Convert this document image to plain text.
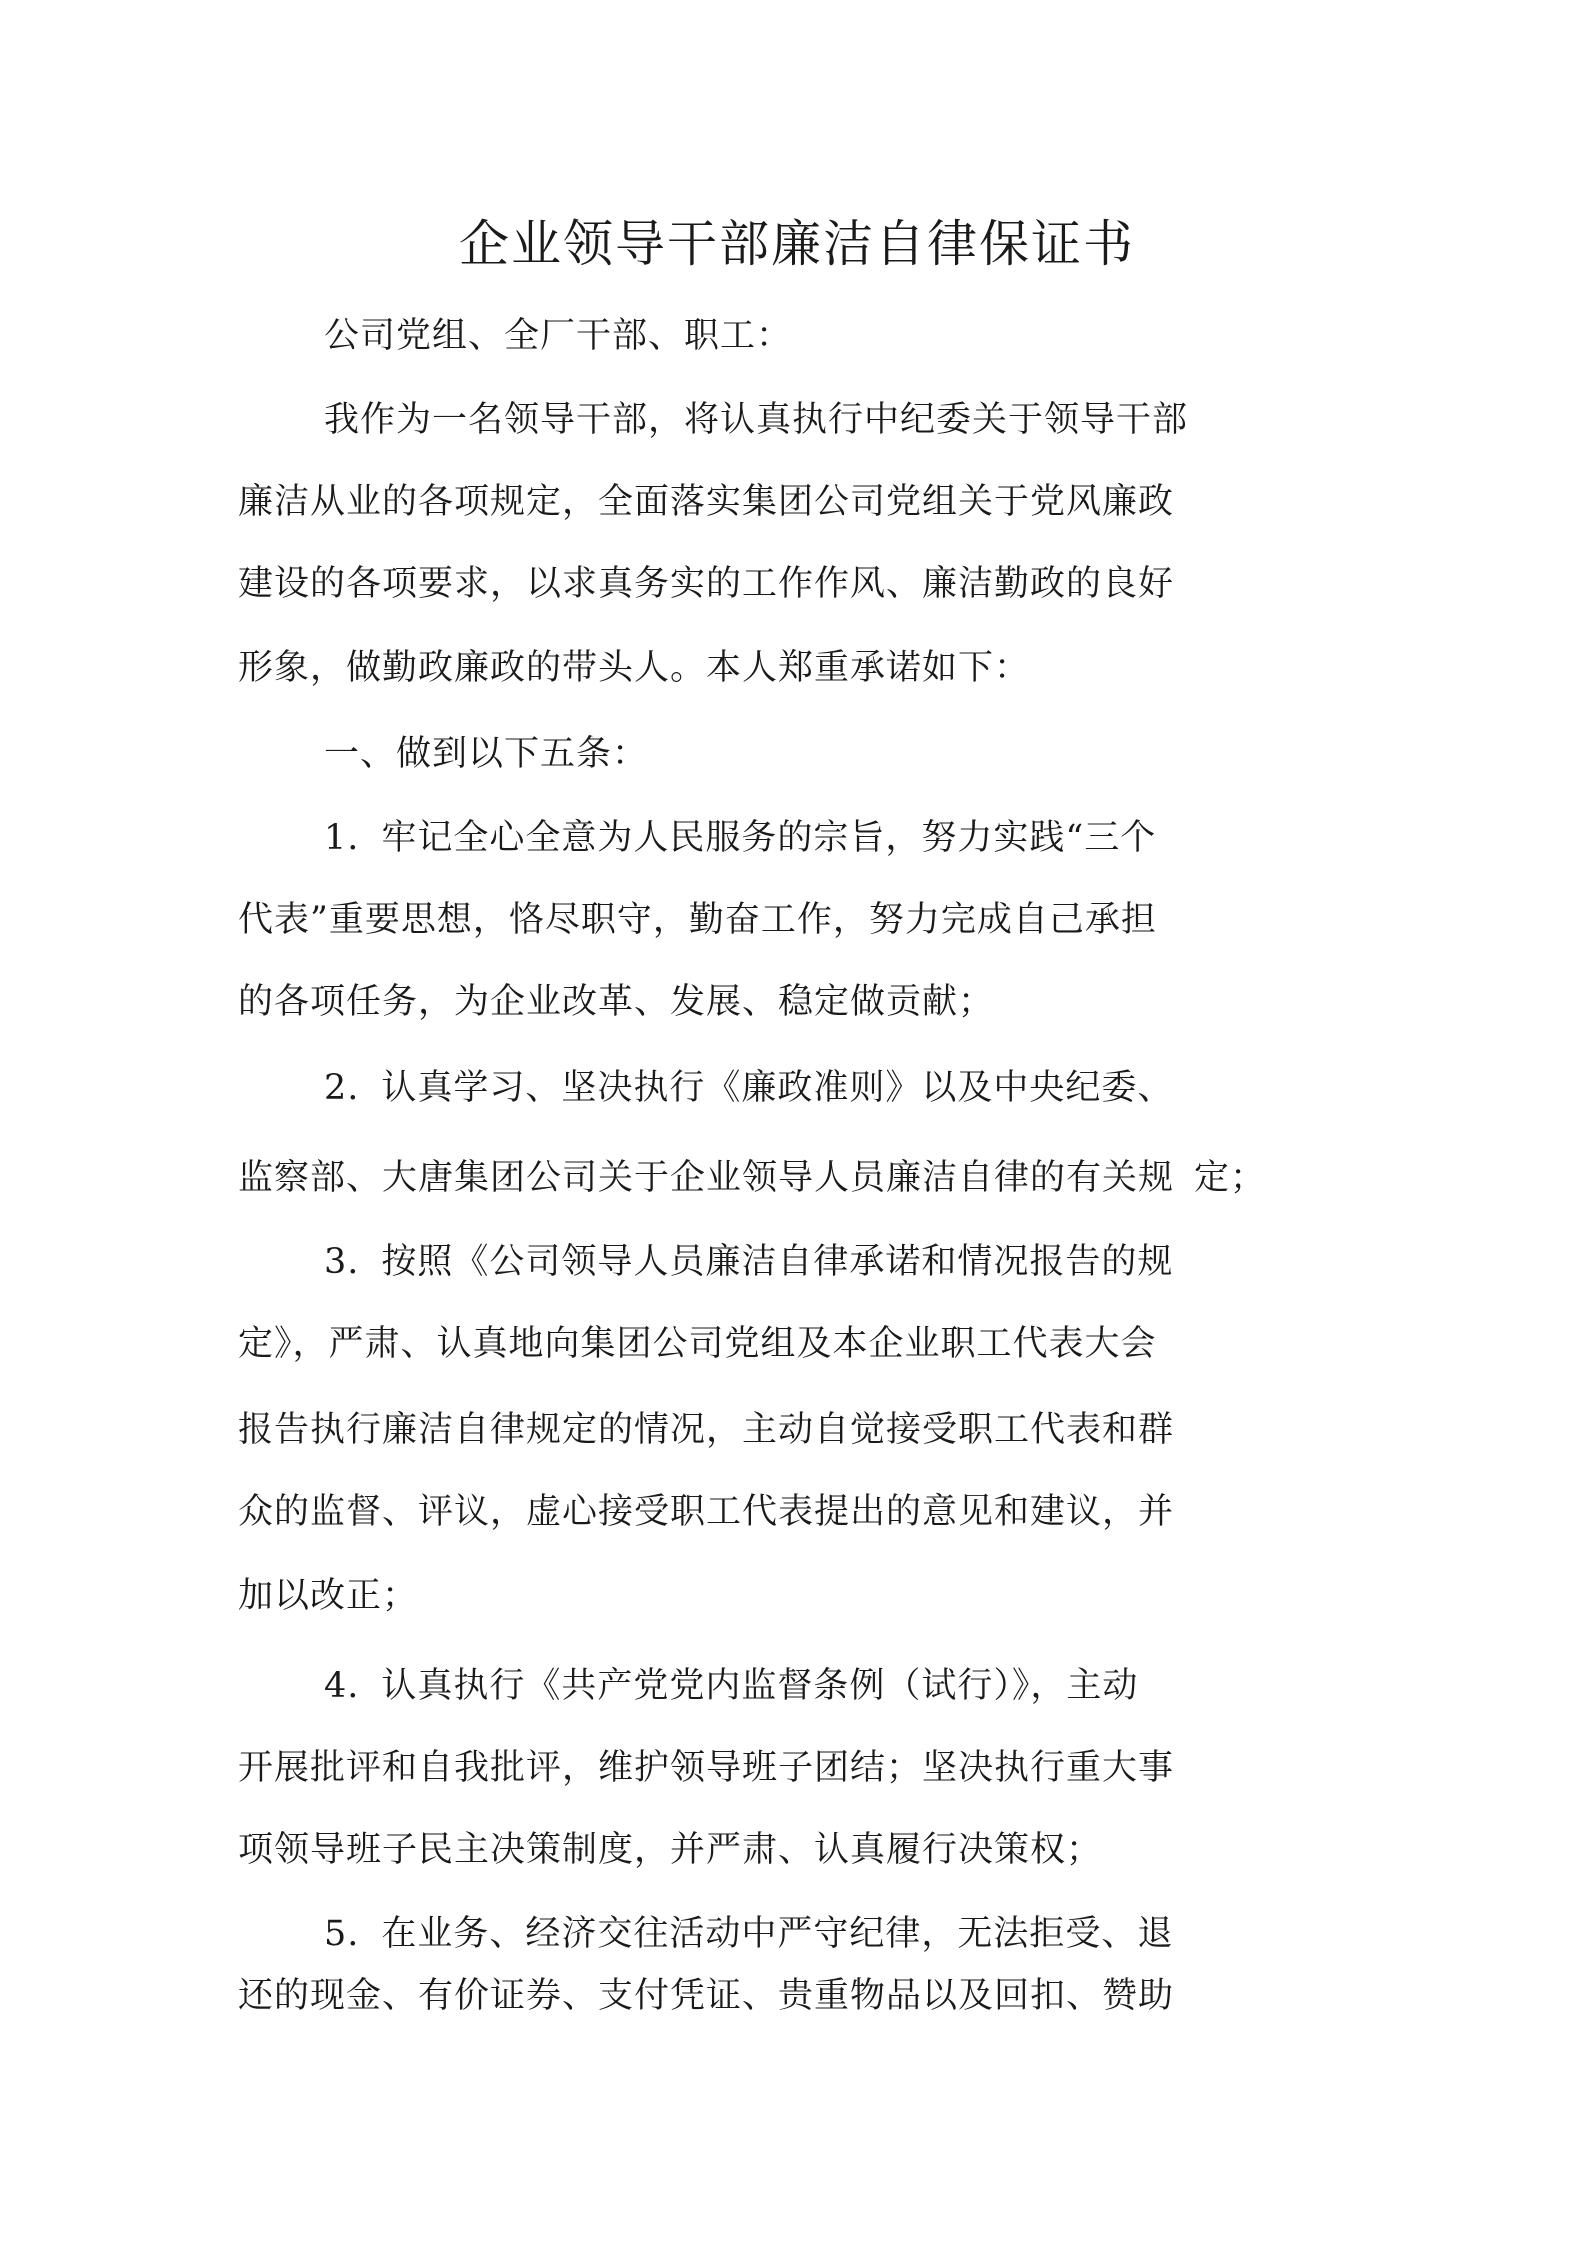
企业领导干部廉洁自律保证书
公司党组、全厂干部、职工：
我作为一名领导干部，将认真执行中纪委关于领导干部
廉洁从业的各项规定，全面落实集团公司党组关于党风廉政
建设的各项要求，以求真务实的工作作风、廉洁勤政的良好
形象，做勤政廉政的带头人。本人郑重承诺如下：
一、做到以下五条：
1. 牢记全心全意为人民服务的宗旨，努力实践“三个
代表”重要思想，恪尽职守，勤奋工作，努力完成自己承担
的各项任务，为企业改革、发展、稳定做贡献；
2. 认真学习、坚决执行《廉政准则》以及中央纪委、
监察部、大唐集团公司关于企业领导人员廉洁自律的有关规 定；
3. 按照《公司领导人员廉洁自律承诺和情况报告的规
定》，严肃、认真地向集团公司党组及本企业职工代表大会
报告执行廉洁自律规定的情况，主动自觉接受职工代表和群
众的监督、评议，虚心接受职工代表提出的意见和建议，并
加以改正；
4. 认真执行《共产党党内监督条例（试行）》，主动
开展批评和自我批评，维护领导班子团结；坚决执行重大事
项领导班子民主决策制度，并严肃、认真履行决策权；
5. 在业务、经济交往活动中严守纪律，无法拒受、退
还的现金、有价证券、支付凭证、贵重物品以及回扣、赞助
